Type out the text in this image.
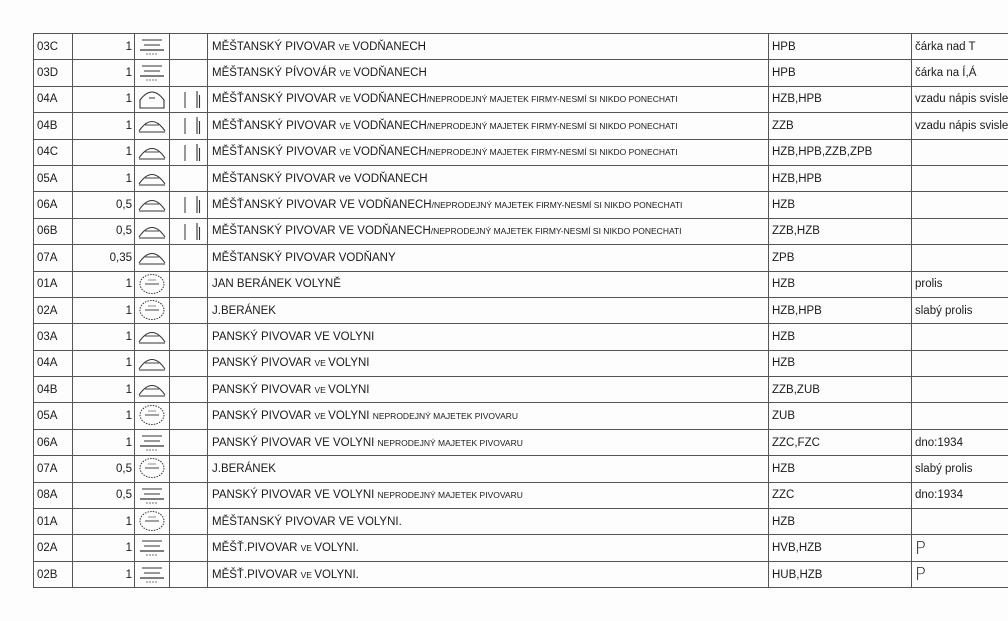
03C	1			MĚŠTANSKÝ PIVOVAR VE VODŇANECH	HPB	čárka nad T
03D	1			MĚŠTANSKÝ PÍVOVÁR VE VODŇANECH	HPB	čárka na Í,Á
04A	1			MĚŠŤANSKÝ PIVOVAR VE VODŇANECH/NEPRODEJNÝ MAJETEK FIRMY-NESMÍ SI NIKDO PONECHATI	HZB,HPB	vzadu nápis svisle
04B	1			MĚŠŤANSKÝ PIVOVAR VE VODŇANECH/NEPRODEJNÝ MAJETEK FIRMY-NESMÍ SI NIKDO PONECHATI	ZZB	vzadu nápis svisle
04C	1			MĚŠŤANSKÝ PIVOVAR VE VODŇANECH/NEPRODEJNÝ MAJETEK FIRMY-NESMÍ SI NIKDO PONECHATI	HZB,HPB,ZZB,ZPB	
05A	1			MĚŠTANSKÝ PIVOVAR ve VODŇANECH	HZB,HPB	
06A	0,5			MĚŠŤANSKÝ PIVOVAR VE VODŇANECH/NEPRODEJNÝ MAJETEK FIRMY-NESMÍ SI NIKDO PONECHATI	HZB	
06B	0,5			MĚŠTANSKÝ PIVOVAR VE VODŇANECH/NEPRODEJNÝ MAJETEK FIRMY-NESMÍ SI NIKDO PONECHATI	ZZB,HZB	
07A	0,35			MĚŠTANSKÝ PIVOVAR VODŇANY	ZPB	
01A	1			JAN BERÁNEK VOLYNĚ	HZB	prolis
02A	1			J.BERÁNEK	HZB,HPB	slabý prolis
03A	1			PANSKÝ PIVOVAR VE VOLYNI	HZB	
04A	1			PANSKÝ PIVOVAR VE VOLYNI	HZB	
04B	1			PANSKÝ PIVOVAR VE VOLYNI	ZZB,ZUB	
05A	1			PANSKÝ PIVOVAR VE VOLYNI NEPRODEJNÝ MAJETEK PIVOVARU	ZUB	
06A	1			PANSKÝ PIVOVAR VE VOLYNI NEPRODEJNÝ MAJETEK PIVOVARU	ZZC,FZC	dno:1934
07A	0,5			J.BERÁNEK	HZB	slabý prolis
08A	0,5			PANSKÝ PIVOVAR VE VOLYNI NEPRODEJNÝ MAJETEK PIVOVARU	ZZC	dno:1934
01A	1			MĚŠTANSKÝ PIVOVAR VE VOLYNI.	HZB	
02A	1			MĚŠŤ.PIVOVAR VE VOLYNI.	HVB,HZB	P
02B	1			MĚŠŤ.PIVOVAR VE VOLYNI.	HUB,HZB	P
